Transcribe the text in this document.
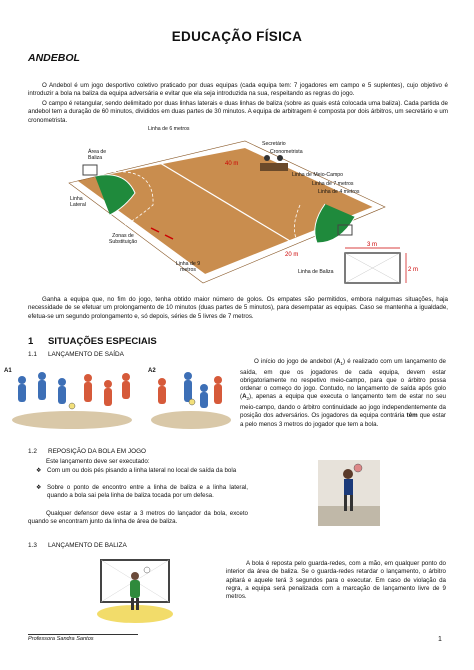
EDUCAÇÃO FÍSICA
ANDEBOL
O Andebol é um jogo desportivo coletivo praticado por duas equipas (cada equipa tem: 7 jogadores em campo e 5 suplentes), cujo objetivo é introduzir a bola na baliza da equipa adversária e evitar que ela seja introduzida na sua, respeitando as regras do jogo.
O campo é retangular, sendo delimitado por duas linhas laterais e duas linhas de baliza (sobre as quais está colocada uma baliza). Cada partida de andebol tem a duração de 60 minutos, divididos em duas partes de 30 minutos. A equipa de arbitragem é composta por dois árbitros, um secretário e um cronometrista.
3 m
2 m
40 m
20 m
Linha de 6 metros
Área de Baliza
Secretário
Cronometrista
Linha de Meio-Campo
Linha de 7 metros
Linha de 4 metros
Linha Lateral
Zonas de Substituição
Linha de 9 metros	Linha de Baliza
Ganha a equipa que, no fim do jogo, tenha obtido maior número de golos. Os empates são permitidos, embora nalgumas situações, haja necessidade de se efetuar um prolongamento de 10 minutos (duas partes de 5 minutos), para desempatar as equipas. Caso se mantenha a igualdade, efetua-se um segundo prolongamento e, só depois, séries de 5 livres de 7 metros.
1 SITUAÇÕES ESPECIAIS
1.1 LANÇAMENTO DE SAÍDA
A1	A2
O início do jogo de andebol $(A_1)$ é realizado com um lançamento de saída, em que os jogadores de cada equipa, devem estar obrigatoriamente no respetivo meio-campo, para que o árbitro possa ordenar o começo do jogo. Contudo, no lançamento de saída após golo $(A_2)$, apenas a equipa que executa o lançamento tem de estar no seu meio-campo, dando o árbitro continuidade ao jogo independentemente da posição dos adversários. Os jogadores da equipa contrária têm que estar a pelo menos 3 metros do jogador que tem a bola.
1.2 REPOSIÇÃO DA BOLA EM JOGO
Este lançamento deve ser executado:
❖ Com um ou dois pés pisando a linha lateral no local de saída da bola
❖ Sobre o ponto de encontro entre a linha de baliza e a linha lateral, quando a bola sai pela linha de baliza tocada por um defesa.
Qualquer defensor deve estar a 3 metros do lançador da bola, exceto quando se encontram junto da linha de área de baliza.
1.3 LANÇAMENTO DE BALIZA
A bola é reposta pelo guarda-redes, com a mão, em qualquer ponto do interior da área de baliza. Se o guarda-redes retardar o lançamento, o árbitro apitará e aquele terá 3 segundos para o executar. Em caso de violação da regra, a equipa será penalizada com a marcação de lançamento livre de 9 metros.
Professora Sandra Santos	1
